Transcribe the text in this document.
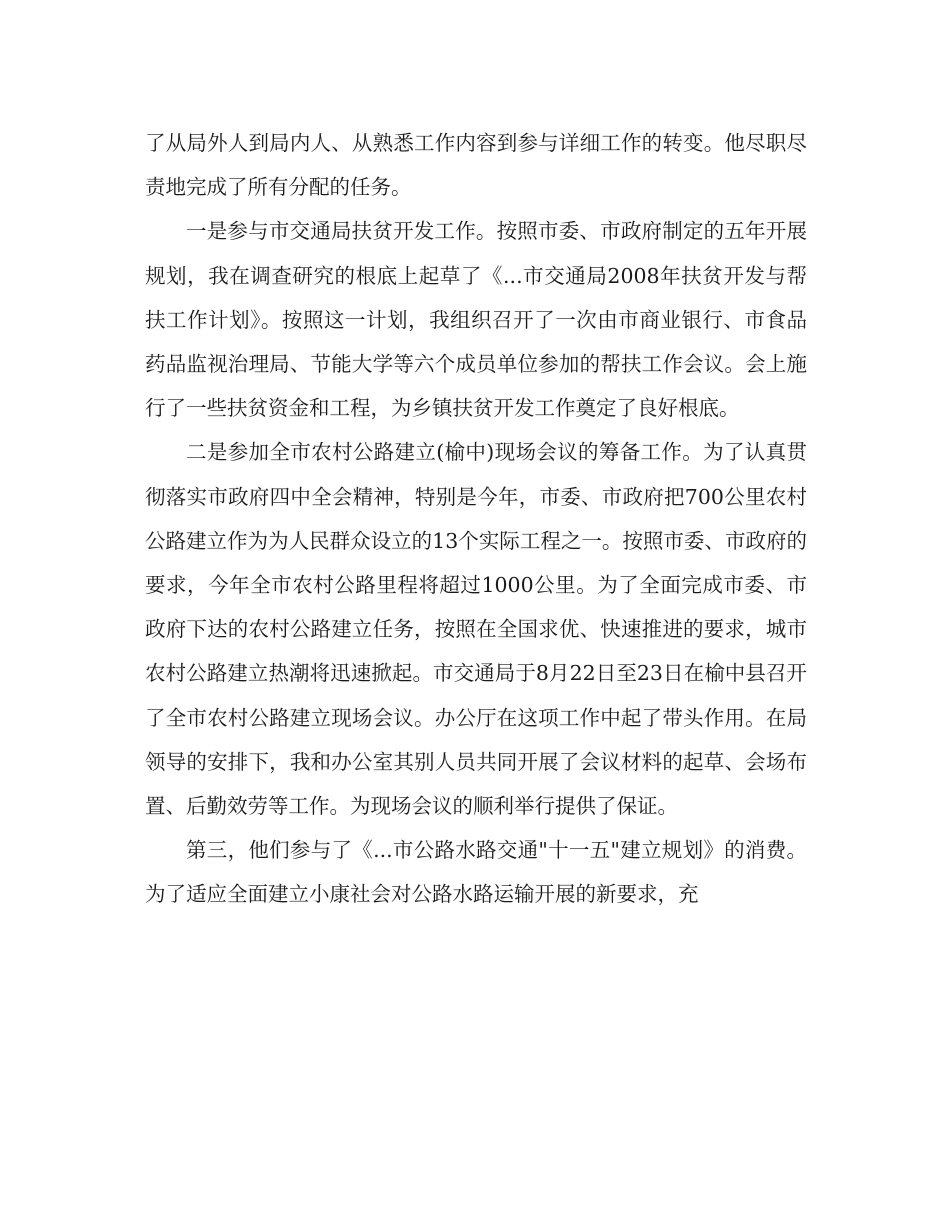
了从局外人到局内人、从熟悉工作内容到参与详细工作的转变。他尽职尽责地完成了所有分配的任务。

一是参与市交通局扶贫开发工作。按照市委、市政府制定的五年开展规划，我在调查研究的根底上起草了《...市交通局2008年扶贫开发与帮扶工作计划》。按照这一计划，我组织召开了一次由市商业银行、市食品药品监视治理局、节能大学等六个成员单位参加的帮扶工作会议。会上施行了一些扶贫资金和工程，为乡镇扶贫开发工作奠定了良好根底。

二是参加全市农村公路建立(榆中)现场会议的筹备工作。为了认真贯彻落实市政府四中全会精神，特别是今年，市委、市政府把700公里农村公路建立作为为人民群众设立的13个实际工程之一。按照市委、市政府的要求，今年全市农村公路里程将超过1000公里。为了全面完成市委、市政府下达的农村公路建立任务，按照在全国求优、快速推进的要求，城市农村公路建立热潮将迅速掀起。市交通局于8月22日至23日在榆中县召开了全市农村公路建立现场会议。办公厅在这项工作中起了带头作用。在局领导的安排下，我和办公室其别人员共同开展了会议材料的起草、会场布置、后勤效劳等工作。为现场会议的顺利举行提供了保证。

第三，他们参与了《...市公路水路交通"十一五"建立规划》的消费。为了适应全面建立小康社会对公路水路运输开展的新要求，充
